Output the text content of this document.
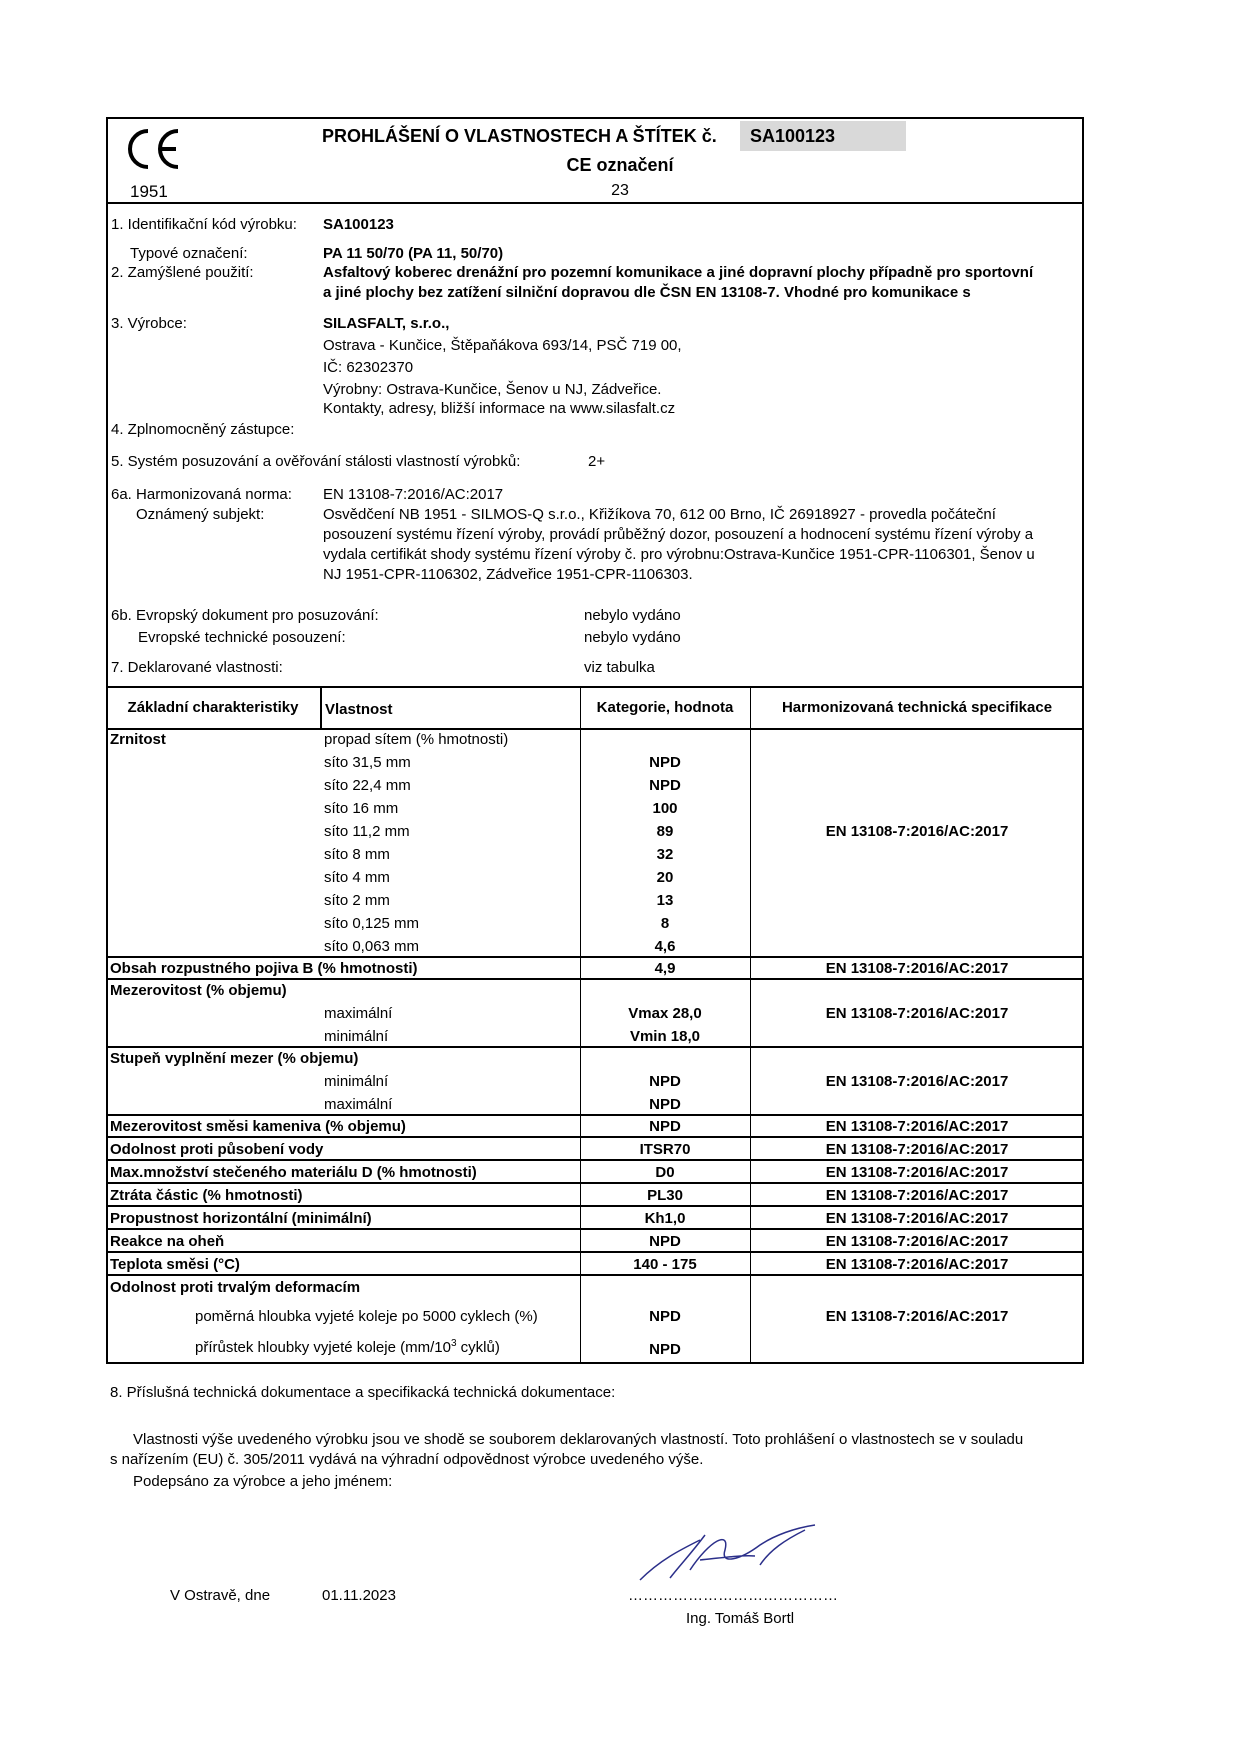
1951
PROHLÁŠENÍ O VLASTNOSTECH A ŠTÍTEK č. SA100123
CE označení
23
1. Identifikační kód výrobku: SA100123
Typové označení:	PA 11 50/70 (PA 11, 50/70)
2. Zamýšlené použití:	Asfaltový koberec drenážní pro pozemní komunikace a jiné dopravní plochy případně pro sportovní
a jiné plochy bez zatížení silniční dopravou dle ČSN EN 13108-7. Vhodné pro komunikace s
3. Výrobce:	SILASFALT, s.r.o.,
Ostrava - Kunčice, Štěpaňákova 693/14, PSČ 719 00,
IČ: 62302370
Výrobny: Ostrava-Kunčice, Šenov u NJ, Zádveřice.
Kontakty, adresy, bližší informace na www.silasfalt.cz
4. Zplnomocněný zástupce:
5. Systém posuzování a ověřování stálosti vlastností výrobků:	2+
6a. Harmonizovaná norma: EN 13108-7:2016/AC:2017
Oznámený subjekt:	Osvědčení NB 1951 - SILMOS-Q s.r.o., Křižíkova 70, 612 00 Brno, IČ 26918927 - provedla počáteční
posouzení systému řízení výroby, provádí průběžný dozor, posouzení a hodnocení systému řízení výroby a
vydala certifikát shody systému řízení výroby č. pro výrobnu:Ostrava-Kunčice 1951-CPR-1106301, Šenov u
NJ 1951-CPR-1106302, Zádveřice 1951-CPR-1106303.
6b. Evropský dokument pro posuzování:	nebylo vydáno
Evropské technické posouzení:	nebylo vydáno
7. Deklarované vlastnosti:	viz tabulka
Základní charakteristiky	Vlastnost	Kategorie, hodnota	Harmonizovaná technická specifikace
Zrnitost	propad sítem (% hmotnosti)
síto 31,5 mm	NPD
síto 22,4 mm	NPD
síto 16 mm	100
síto 11,2 mm	89
síto 8 mm	32
síto 4 mm	20
síto 2 mm	13
síto 0,125 mm	8
síto 0,063 mm	4,6
EN 13108-7:2016/AC:2017
Obsah rozpustného pojiva B (% hmotnosti)	4,9	EN 13108-7:2016/AC:2017
Mezerovitost (% objemu)
maximální	Vmax 28,0
minimální	Vmin 18,0
EN 13108-7:2016/AC:2017
Stupeň vyplnění mezer (% objemu)
minimální	NPD
maximální	NPD
EN 13108-7:2016/AC:2017
Mezerovitost směsi kameniva (% objemu)	NPD	EN 13108-7:2016/AC:2017
Odolnost proti působení vody	ITSR70	EN 13108-7:2016/AC:2017
Max.množství stečeného materiálu D (% hmotnosti)	D0	EN 13108-7:2016/AC:2017
Ztráta částic (% hmotnosti)	PL30	EN 13108-7:2016/AC:2017
Propustnost horizontální (minimální)	Kh1,0	EN 13108-7:2016/AC:2017
Reakce na oheň	NPD	EN 13108-7:2016/AC:2017
Teplota směsi (°C)	140 - 175	EN 13108-7:2016/AC:2017
Odolnost proti trvalým deformacím
poměrná hloubka vyjeté koleje po 5000 cyklech (%)	NPD	EN 13108-7:2016/AC:2017
přírůstek hloubky vyjeté koleje ($mm/10^3$ cyklů)	NPD
8. Příslušná technická dokumentace a specifikacká technická dokumentace:
Vlastnosti výše uvedeného výrobku jsou ve shodě se souborem deklarovaných vlastností. Toto prohlášení o vlastnostech se v souladu
s nařízením (EU) č. 305/2011 vydává na výhradní odpovědnost výrobce uvedeného výše.
Podepsáno za výrobce a jeho jménem:
V Ostravě, dne	01.11.2023	……………………………………
Ing. Tomáš Bortl
